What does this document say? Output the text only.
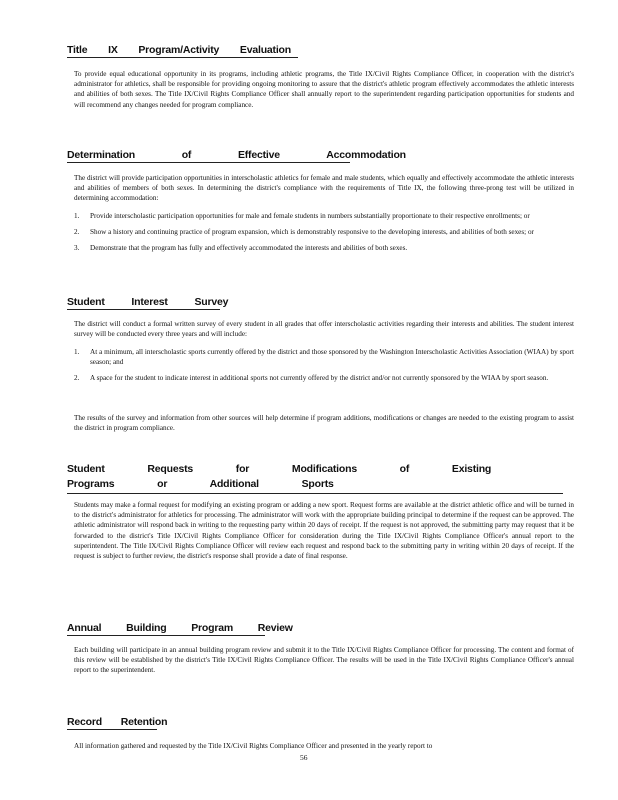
Title IX Program/Activity Evaluation

To provide equal educational opportunity in its programs, including athletic programs, the Title IX/Civil Rights Compliance Officer, in cooperation with the district's administrator for athletics, shall be responsible for providing ongoing monitoring to assure that the district's athletic program effectively accommodates the athletic interests and abilities of both sexes. The Title IX/Civil Rights Compliance Officer shall annually report to the superintendent regarding participation opportunities for students and will recommend any changes needed for program compliance.

Determination of Effective Accommodation

The district will provide participation opportunities in interscholastic athletics for female and male students, which equally and effectively accommodate the athletic interests and abilities of members of both sexes. In determining the district's compliance with the requirements of Title IX, the following three-prong test will be utilized in determining accommodation:

1. Provide interscholastic participation opportunities for male and female students in numbers substantially proportionate to their respective enrollments; or
2. Show a history and continuing practice of program expansion, which is demonstrably responsive to the developing interests, and abilities of both sexes; or
3. Demonstrate that the program has fully and effectively accommodated the interests and abilities of both sexes.
Student Interest Survey

The district will conduct a formal written survey of every student in all grades that offer interscholastic activities regarding their interests and abilities. The student interest survey will be conducted every three years and will include:

1. At a minimum, all interscholastic sports currently offered by the district and those sponsored by the Washington Interscholastic Activities Association (WIAA) by sport season; and
2. A space for the student to indicate interest in additional sports not currently offered by the district and/or not currently sponsored by the WIAA by sport season.

The results of the survey and information from other sources will help determine if program additions, modifications or changes are needed to the existing program to assist the district in program compliance.

Student Requests for Modifications of Existing Programs or Additional Sports

Students may make a formal request for modifying an existing program or adding a new sport. Request forms are available at the district athletic office and will be turned in to the district's administrator for athletics for processing. The administrator will work with the appropriate building principal to determine if the request can be approved. The athletic administrator will respond back in writing to the requesting party within 20 days of receipt. If the request is not approved, the submitting party may request that it be forwarded to the district's Title IX/Civil Rights Compliance Officer for consideration during the Title IX/Civil Rights Compliance Officer's annual report to the superintendent. The Title IX/Civil Rights Compliance Officer will review each request and respond back to the submitting party in writing within 20 days of receipt. If the request is subject to further review, the district's response shall provide a date of final response.

Annual Building Program Review

Each building will participate in an annual building program review and submit it to the Title IX/Civil Rights Compliance Officer for processing. The content and format of this review will be established by the district's Title IX/Civil Rights Compliance Officer. The results will be used in the Title IX/Civil Rights Compliance Officer's annual report to the superintendent.

Record Retention

All information gathered and requested by the Title IX/Civil Rights Compliance Officer and presented in the yearly report to

56
